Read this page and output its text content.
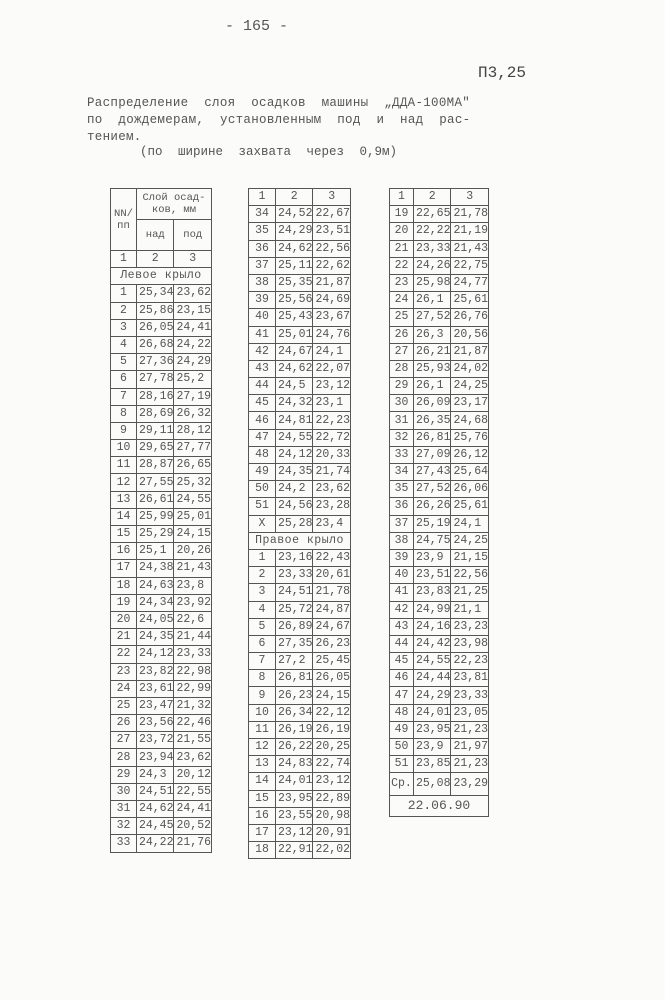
- 165 -
П3,25
Распределение слоя осадков машины „ДДА-100МА"
по дождемерам, установленным под и над рас-
тением.
(по ширине захвата через 0,9м)
NN/пп	Слой осад- ков, мм	
	над	под
1	2	3
Левое крыло		
1	25,34	23,62
2	25,86	23,15
3	26,05	24,41
4	26,68	24,22
5	27,36	24,29
6	27,78	25,2
7	28,16	27,19
8	28,69	26,32
9	29,11	28,12
10	29,65	27,77
11	28,87	26,65
12	27,55	25,32
13	26,61	24,55
14	25,99	25,01
15	25,29	24,15
16	25,1	20,26
17	24,38	21,43
18	24,63	23,8
19	24,34	23,92
20	24,05	22,6
21	24,35	21,44
22	24,12	23,33
23	23,82	22,98
24	23,61	22,99
25	23,47	21,32
26	23,56	22,46
27	23,72	21,55
28	23,94	23,62
29	24,3	20,12
30	24,51	22,55
31	24,62	24,41
32	24,45	20,52
33	24,22	21,76
1	2	3
34	24,52	22,67
35	24,29	23,51
36	24,62	22,56
37	25,11	22,62
38	25,35	21,87
39	25,56	24,69
40	25,43	23,67
41	25,01	24,76
42	24,67	24,1
43	24,62	22,07
44	24,5	23,12
45	24,32	23,1
46	24,81	22,23
47	24,55	22,72
48	24,12	20,33
49	24,35	21,74
50	24,2	23,62
51	24,56	23,28
X	25,28	23,4
Правое крыло		
1	23,16	22,43
2	23,33	20,61
3	24,51	21,78
4	25,72	24,87
5	26,89	24,67
6	27,35	26,23
7	27,2	25,45
8	26,81	26,05
9	26,23	24,15
10	26,34	22,12
11	26,19	26,19
12	26,22	20,25
13	24,83	22,74
14	24,01	23,12
15	23,95	22,89
16	23,55	20,98
17	23,12	20,91
18	22,91	22,02
1	2	3
19	22,65	21,78
20	22,22	21,19
21	23,33	21,43
22	24,26	22,75
23	25,98	24,77
24	26,1	25,61
25	27,52	26,76
26	26,3	20,56
27	26,21	21,87
28	25,93	24,02
29	26,1	24,25
30	26,09	23,17
31	26,35	24,68
32	26,81	25,76
33	27,09	26,12
34	27,43	25,64
35	27,52	26,06
36	26,26	25,61
37	25,19	24,1
38	24,75	24,25
39	23,9	21,15
40	23,51	22,56
41	23,83	21,25
42	24,99	21,1
43	24,16	23,23
44	24,42	23,98
45	24,55	22,23
46	24,44	23,81
47	24,29	23,33
48	24,01	23,05
49	23,95	21,23
50	23,9	21,97
51	23,85	21,23
Ср.	25,08	23,29
22.06.90		
